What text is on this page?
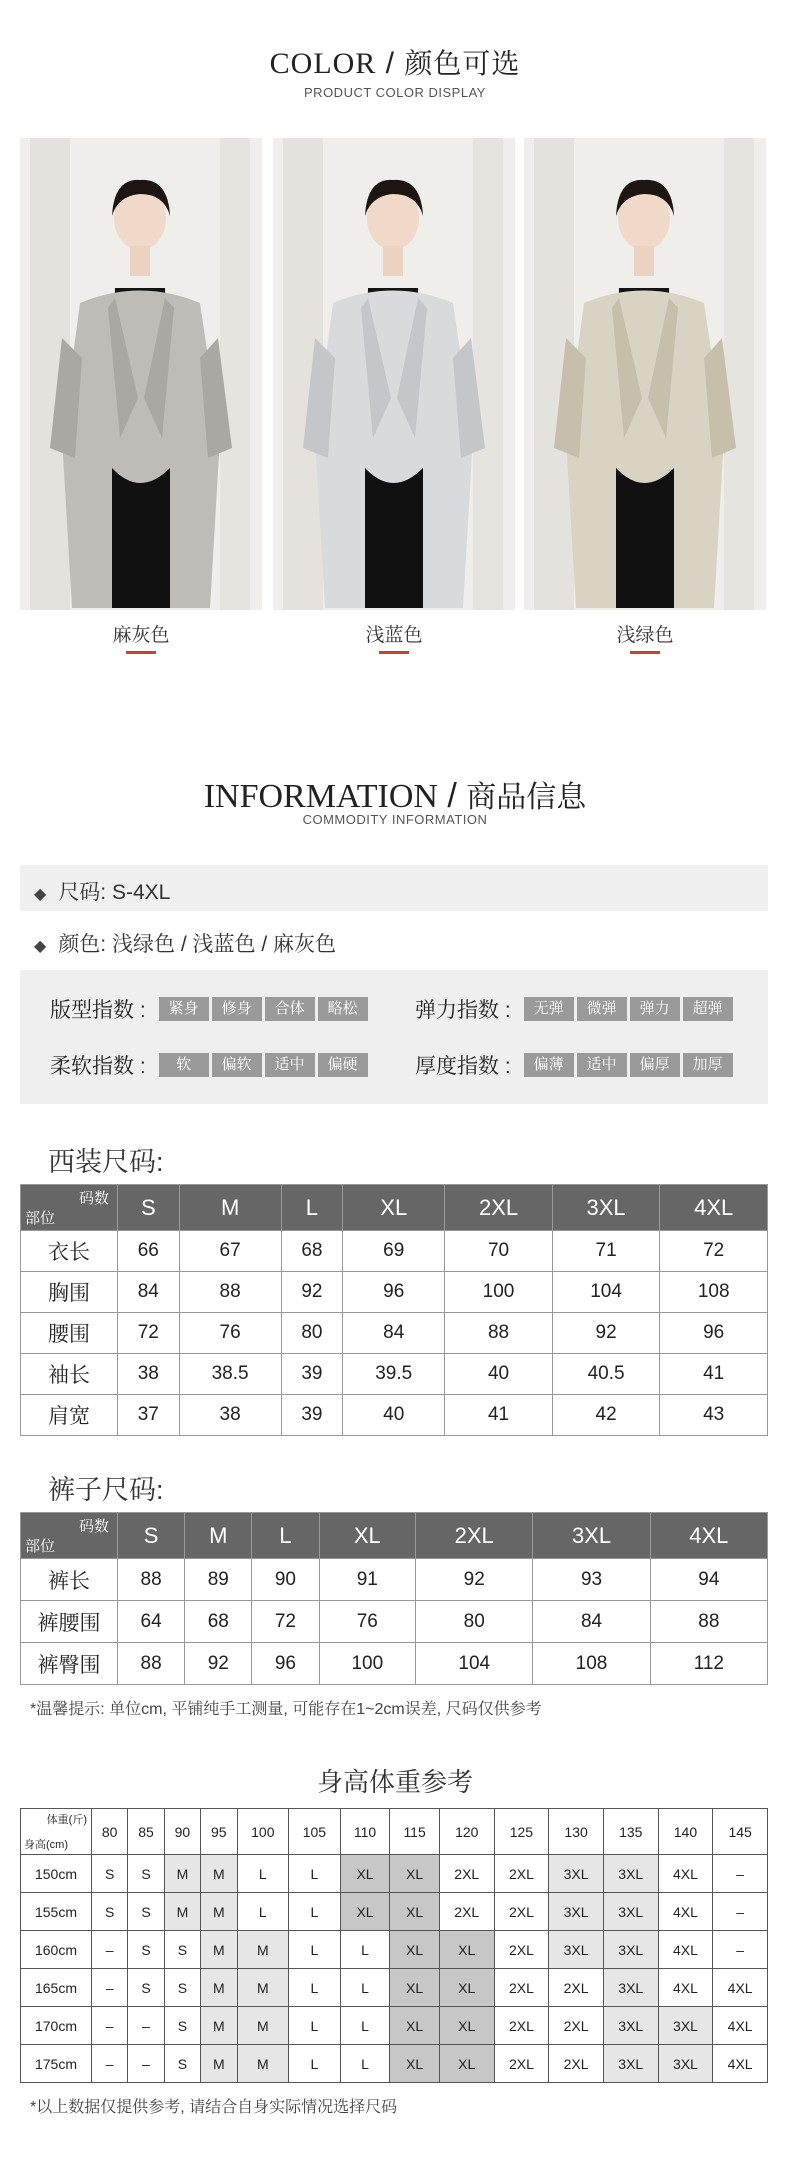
COLOR / 颜色可选
PRODUCT COLOR DISPLAY
麻灰色	浅蓝色	浅绿色
INFORMATION / 商品信息
COMMODITY INFORMATION
◆ 尺码: S-4XL
◆ 颜色: 浅绿色 / 浅蓝色 / 麻灰色
版型指数 :	紧身	修身	合体	略松	弹力指数 :	无弹	微弹	弹力	超弹
柔软指数 :	软	偏软	适中	偏硬	厚度指数 :	偏薄	适中	偏厚	加厚
西装尺码:
码数
部位	S	M	L	XL	2XL	3XL	4XL
衣长	66	67	68	69	70	71	72
胸围	84	88	92	96	100	104	108
腰围	72	76	80	84	88	92	96
袖长	38	38.5	39	39.5	40	40.5	41
肩宽	37	38	39	40	41	42	43
裤子尺码:
码数
部位	S	M	L	XL	2XL	3XL	4XL
裤长	88	89	90	91	92	93	94
裤腰围	64	68	72	76	80	84	88
裤臀围	88	92	96	100	104	108	112
*温馨提示: 单位cm, 平铺纯手工测量, 可能存在1~2cm误差, 尺码仅供参考
身高体重参考
体重(斤)
身高(cm)	80	85	90	95	100	105	110	115	120	125	130	135	140	145
150cm	S	S	M	M	L	L	XL	XL	2XL	2XL	3XL	3XL	4XL	–
155cm	S	S	M	M	L	L	XL	XL	2XL	2XL	3XL	3XL	4XL	–
160cm	–	S	S	M	M	L	L	XL	XL	2XL	3XL	3XL	4XL	–
165cm	–	S	S	M	M	L	L	XL	XL	2XL	2XL	3XL	4XL	4XL
170cm	–	–	S	M	M	L	L	XL	XL	2XL	2XL	3XL	3XL	4XL
175cm	–	–	S	M	M	L	L	XL	XL	2XL	2XL	3XL	3XL	4XL
*以上数据仅提供参考, 请结合自身实际情况选择尺码
